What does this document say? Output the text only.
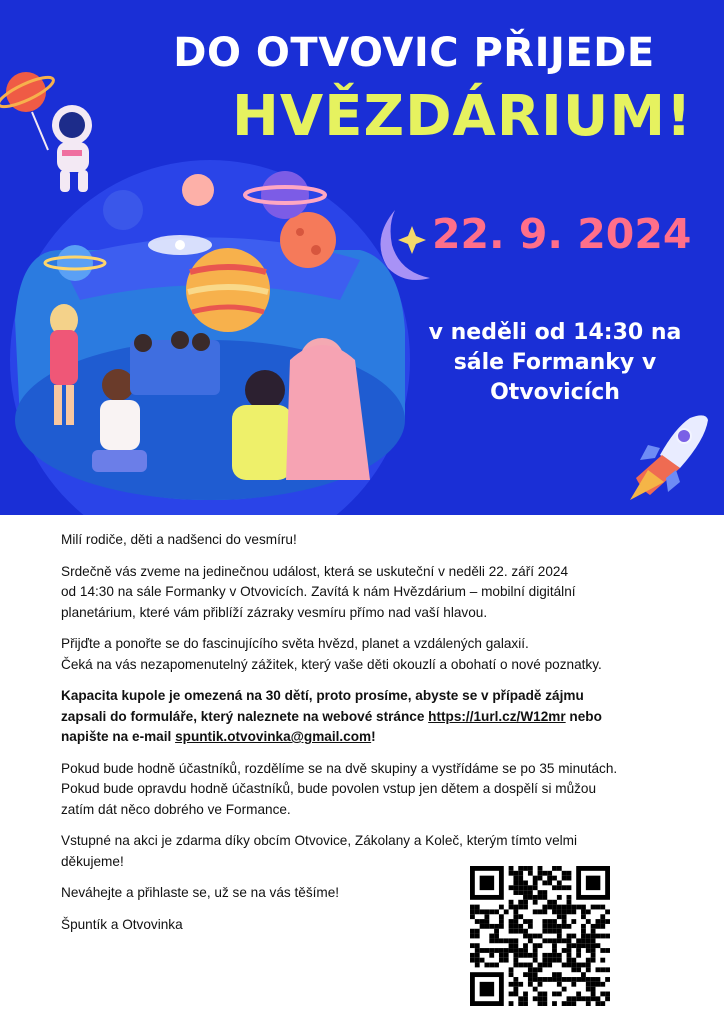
DO OTVOVIC PŘIJEDE
HVĚZDÁRIUM!
22. 9. 2024
v neděli od 14:30 na
sále Formanky v
Otvovicích

Milí rodiče, děti a nadšenci do vesmíru!

Srdečně vás zveme na jedinečnou událost, která se uskuteční v neděli 22. září 2024
od 14:30 na sále Formanky v Otvovicích. Zavítá k nám Hvězdárium – mobilní digitální
planetárium, které vám přiblíží zázraky vesmíru přímo nad vaší hlavou.

Přijďte a ponořte se do fascinujícího světa hvězd, planet a vzdálených galaxií.
Čeká na vás nezapomenutelný zážitek, který vaše děti okouzlí a obohatí o nové poznatky.

Kapacita kupole je omezená na 30 dětí, proto prosíme, abyste se v případě zájmu
zapsali do formuláře, který naleznete na webové stránce https://1url.cz/W12mr nebo
napište na e-mail spuntik.otvovinka@gmail.com!

Pokud bude hodně účastníků, rozdělíme se na dvě skupiny a vystřídáme se po 35 minutách.
Pokud bude opravdu hodně účastníků, bude povolen vstup jen dětem a dospělí si můžou
zatím dát něco dobrého ve Formance.

Vstupné na akci je zdarma díky obcím Otvovice, Zákolany a Koleč, kterým tímto velmi
děkujeme!

Neváhejte a přihlaste se, už se na vás těšíme!

Špuntík a Otvovinka
